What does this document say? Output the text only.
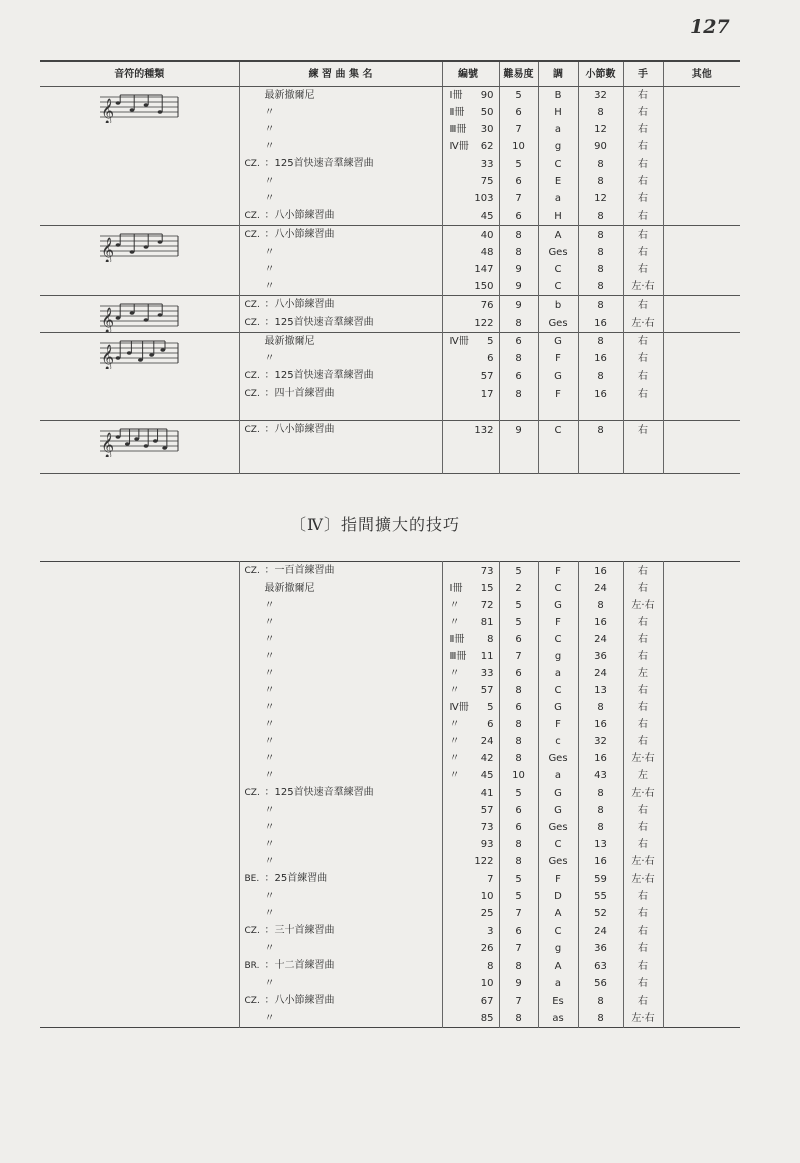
127
音符的種類	練 習 曲 集 名	編號	難易度	調	小節數	手	其他

𝄞	最新撤爾尼	Ⅰ冊 90	5	B	32	右	
	〃	Ⅱ冊 50	6	H	8	右	
	〃	Ⅲ冊 30	7	a	12	右	
	〃	Ⅳ冊 62	10	g	90	右	
	CZ. ：125首快速音羣練習曲	33	5	C	8	右	
	〃	75	6	E	8	右	
	〃	103	7	a	12	右	
	CZ. ：八小節練習曲	45	6	H	8	右	

𝄞	CZ. ：八小節練習曲	40	8	A	8	右	
	〃	48	8	Ges	8	右	
	〃	147	9	C	8	右	
	〃	150	9	C	8	左·右	

𝄞	CZ. ：八小節練習曲	76	9	b	8	右	
	CZ. ：125首快速音羣練習曲	122	8	Ges	16	左·右	

𝄞	最新撤爾尼	Ⅳ冊 5	6	G	8	右	
	〃	6	8	F	16	右	
	CZ. ：125首快速音羣練習曲	57	6	G	8	右	
	CZ. ：四十首練習曲	17	8	F	16	右	

𝄞	CZ. ：八小節練習曲	132	9	C	8	右	

〔Ⅳ〕指間擴大的技巧
	CZ. ：一百首練習曲	73	5	F	16	右	
	最新撤爾尼	Ⅰ冊 15	2	C	24	右	
	〃	〃 72	5	G	8	左·右	
	〃	〃 81	5	F	16	右	
	〃	Ⅱ冊 8	6	C	24	右	
	〃	Ⅲ冊 11	7	g	36	右	
	〃	〃 33	6	a	24	左	
	〃	〃 57	8	C	13	右	
	〃	Ⅳ冊 5	6	G	8	右	
	〃	〃 6	8	F	16	右	
	〃	〃 24	8	c	32	右	
	〃	〃 42	8	Ges	16	左·右	
	〃	〃 45	10	a	43	左	
	CZ. ：125首快速音羣練習曲	41	5	G	8	左·右	
	〃	57	6	G	8	右	
	〃	73	6	Ges	8	右	
	〃	93	8	C	13	右	
	〃	122	8	Ges	16	左·右	
	BE. ：25首練習曲	7	5	F	59	左·右	
	〃	10	5	D	55	右	
	〃	25	7	A	52	右	
	CZ. ：三十首練習曲	3	6	C	24	右	
	〃	26	7	g	36	右	
	BR. ：十二首練習曲	8	8	A	63	右	
	〃	10	9	a	56	右	
	CZ. ：八小節練習曲	67	7	Es	8	右	
	〃	85	8	as	8	左·右	
